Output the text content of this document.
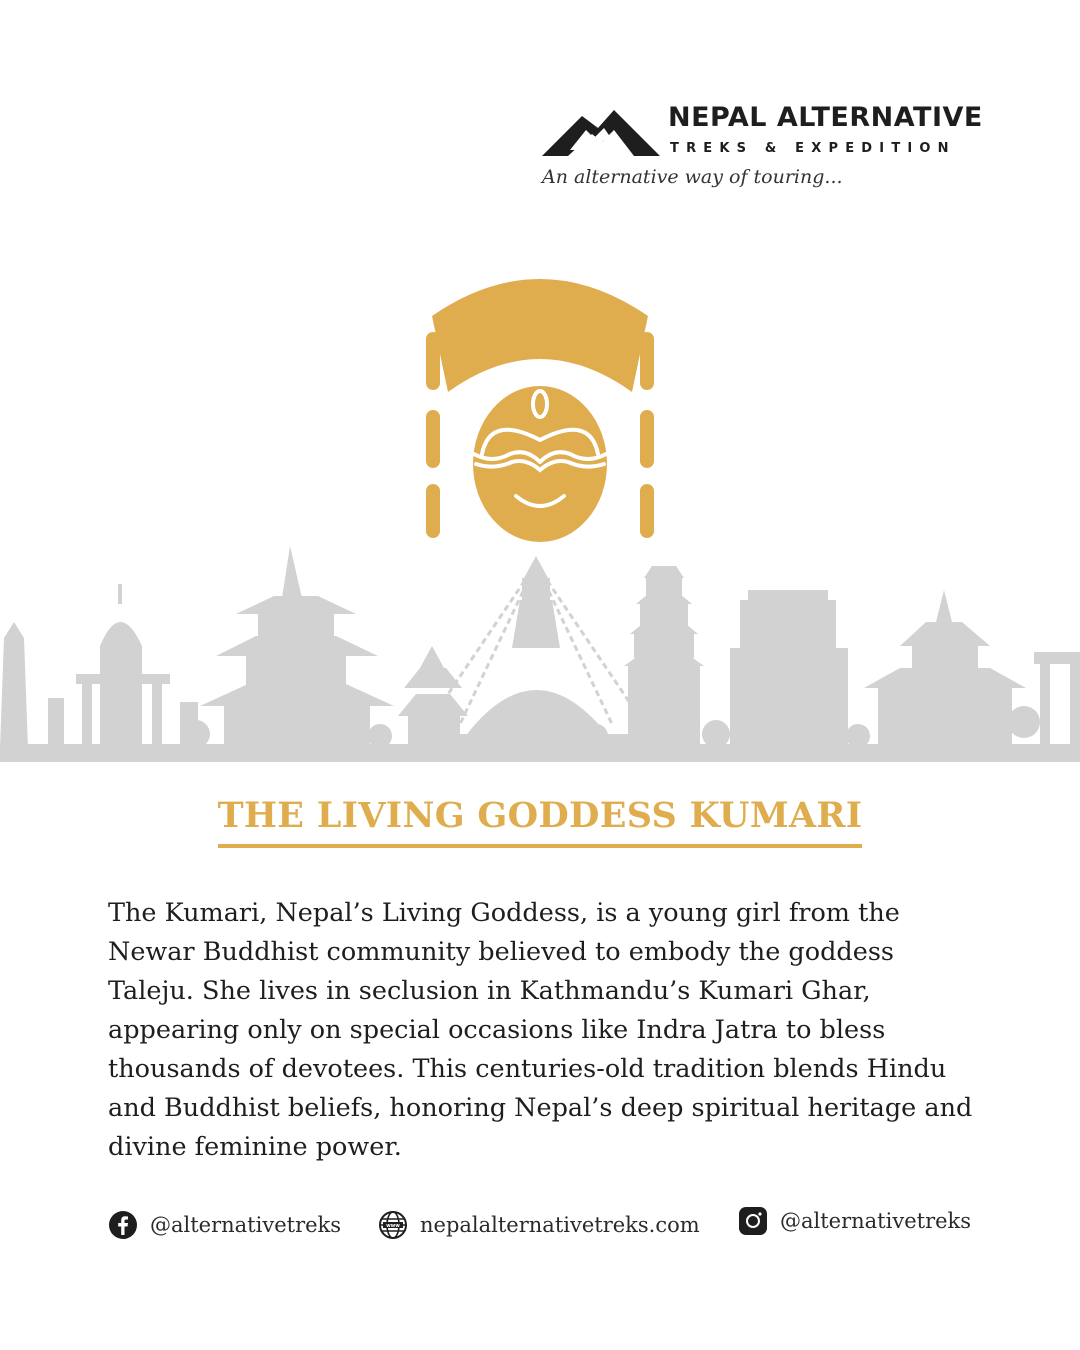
NEPAL ALTERNATIVE
TREKS & EXPEDITION
An alternative way of touring...
THE LIVING GODDESS KUMARI

The Kumari, Nepal’s Living Goddess, is a young girl from the Newar Buddhist community believed to embody the goddess Taleju. She lives in seclusion in Kathmandu’s Kumari Ghar, appearing only on special occasions like Indra Jatra to bless thousands of devotees. This centuries-old tradition blends Hindu and Buddhist beliefs, honoring Nepal’s deep spiritual heritage and divine feminine power.

@alternativetreks	www nepalalternativetreks.com	@alternativetreks
